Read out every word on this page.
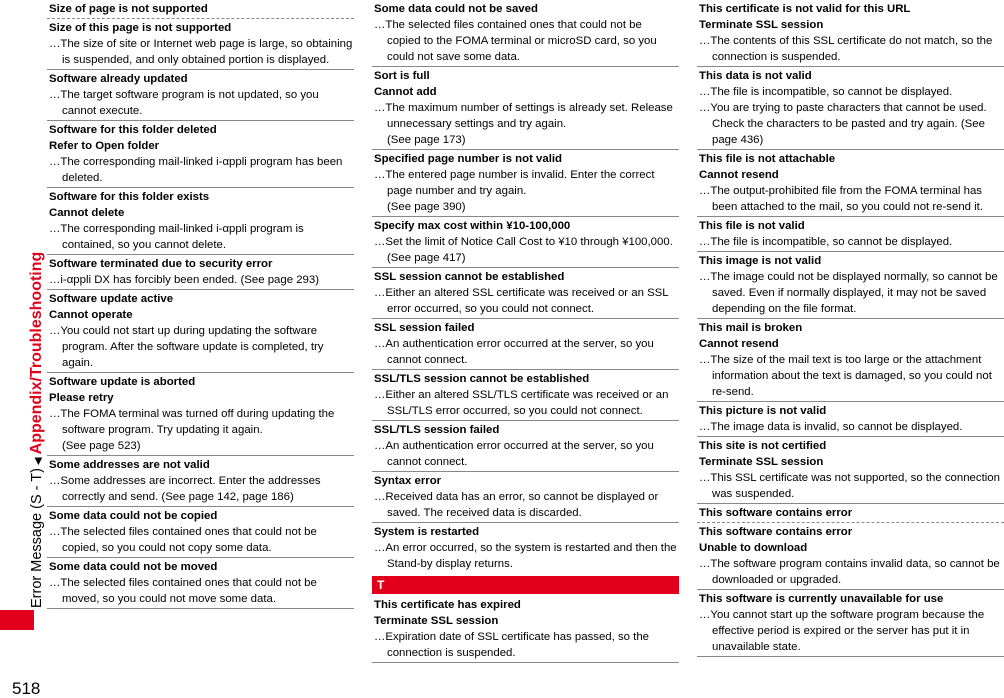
Error Message (S - T)◀Appendix/Troubleshooting
518
Size of page is not supported
Size of this page is not supported
…The size of site or Internet web page is large, so obtaining is suspended, and only obtained portion is displayed.
Software already updated
…The target software program is not updated, so you cannot execute.
Software for this folder deleted
Refer to Open folder
…The corresponding mail-linked i-αppli program has been deleted.
Software for this folder exists
Cannot delete
…The corresponding mail-linked i-αppli program is contained, so you cannot delete.
Software terminated due to security error
…i-αppli DX has forcibly been ended. (See page 293)
Software update active
Cannot operate
…You could not start up during updating the software program. After the software update is completed, try again.
Software update is aborted
Please retry
…The FOMA terminal was turned off during updating the software program. Try updating it again.
(See page 523)
Some addresses are not valid
…Some addresses are incorrect. Enter the addresses correctly and send. (See page 142, page 186)
Some data could not be copied
…The selected files contained ones that could not be copied, so you could not copy some data.
Some data could not be moved
…The selected files contained ones that could not be moved, so you could not move some data.
Some data could not be saved
…The selected files contained ones that could not be copied to the FOMA terminal or microSD card, so you could not save some data.
Sort is full
Cannot add
…The maximum number of settings is already set. Release unnecessary settings and try again.
(See page 173)
Specified page number is not valid
…The entered page number is invalid. Enter the correct page number and try again.
(See page 390)
Specify max cost within ¥10-100,000
…Set the limit of Notice Call Cost to ¥10 through ¥100,000. (See page 417)
SSL session cannot be established
…Either an altered SSL certificate was received or an SSL error occurred, so you could not connect.
SSL session failed
…An authentication error occurred at the server, so you cannot connect.
SSL/TLS session cannot be established
…Either an altered SSL/TLS certificate was received or an SSL/TLS error occurred, so you could not connect.
SSL/TLS session failed
…An authentication error occurred at the server, so you cannot connect.
Syntax error
…Received data has an error, so cannot be displayed or saved. The received data is discarded.
System is restarted
…An error occurred, so the system is restarted and then the Stand-by display returns.
T
This certificate has expired
Terminate SSL session
…Expiration date of SSL certificate has passed, so the connection is suspended.
This certificate is not valid for this URL
Terminate SSL session
…The contents of this SSL certificate do not match, so the connection is suspended.
This data is not valid
…The file is incompatible, so cannot be displayed.
…You are trying to paste characters that cannot be used. Check the characters to be pasted and try again. (See page 436)
This file is not attachable
Cannot resend
…The output-prohibited file from the FOMA terminal has been attached to the mail, so you could not re-send it.
This file is not valid
…The file is incompatible, so cannot be displayed.
This image is not valid
…The image could not be displayed normally, so cannot be saved. Even if normally displayed, it may not be saved depending on the file format.
This mail is broken
Cannot resend
…The size of the mail text is too large or the attachment information about the text is damaged, so you could not re-send.
This picture is not valid
…The image data is invalid, so cannot be displayed.
This site is not certified
Terminate SSL session
…This SSL certificate was not supported, so the connection was suspended.
This software contains error
This software contains error
Unable to download
…The software program contains invalid data, so cannot be downloaded or upgraded.
This software is currently unavailable for use
…You cannot start up the software program because the effective period is expired or the server has put it in unavailable state.
